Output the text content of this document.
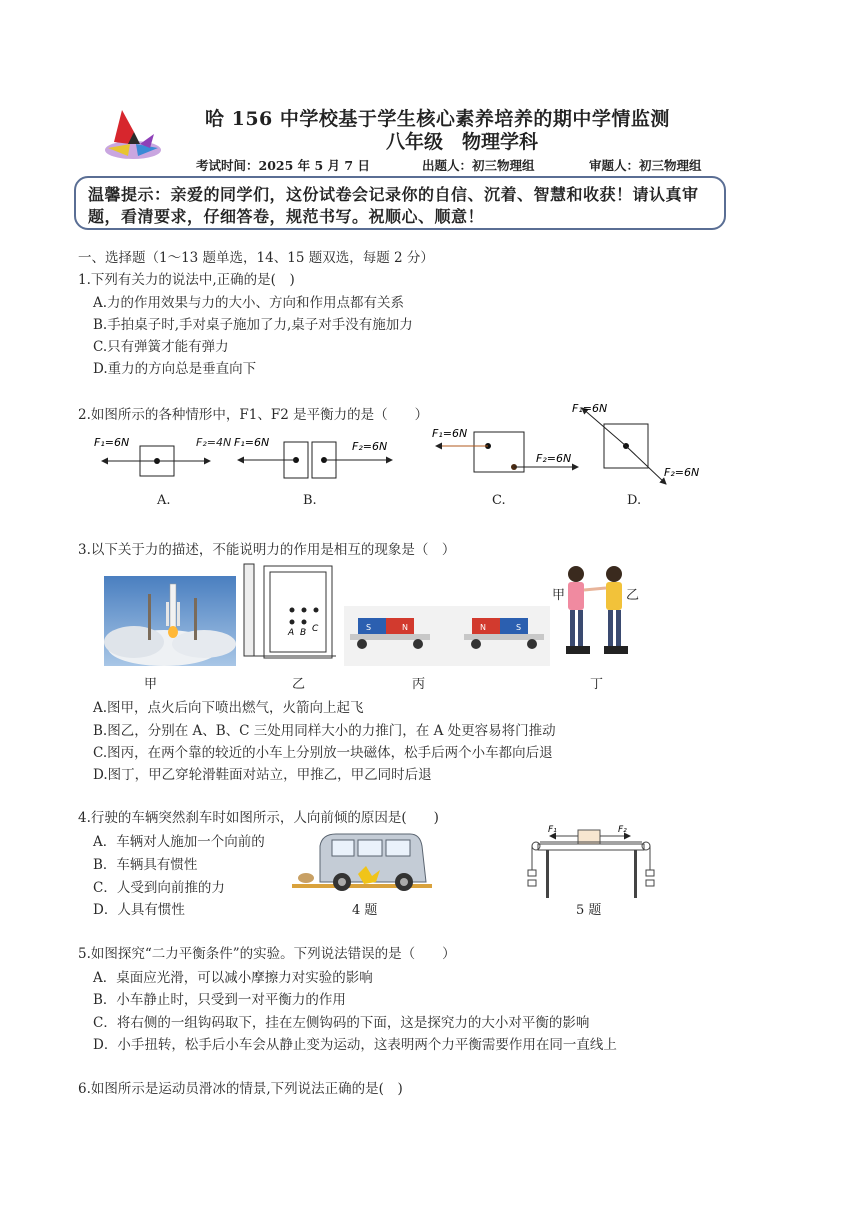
哈 156 中学校基于学生核心素养培养的期中学情监测
八年级　物理学科
考试时间：2025 年 5 月 7 日	出题人：初三物理组	审题人：初三物理组
温馨提示：亲爱的同学们，这份试卷会记录你的自信、沉着、智慧和收获！请认真审题，看清要求，仔细答卷，规范书写。祝顺心、顺意！
一、选择题（1～13 题单选，14、15 题双选，每题 2 分）
1.下列有关力的说法中,正确的是(　)
A.力的作用效果与力的大小、方向和作用点都有关系
B.手拍桌子时,手对桌子施加了力,桌子对手没有施加力
C.只有弹簧才能有弹力
D.重力的方向总是垂直向下
2.如图所示的各种情形中，F1、F2 是平衡力的是（　　）
F₁=6N	F₂=4N F₁=6N	F₂=6N
F₁=6N
F₂=6N
F₁=6N
F₂=6N
A.	B.	C.	D.
3.以下关于力的描述，不能说明力的作用是相互的现象是（　）
A B C	S	N	N	S
甲	乙
甲	乙	丙	丁
A.图甲，点火后向下喷出燃气，火箭向上起飞
B.图乙，分别在 A、B、C 三处用同样大小的力推门，在 A 处更容易将门推动
C.图丙，在两个靠的较近的小车上分别放一块磁体，松手后两个小车都向后退
D.图丁，甲乙穿轮滑鞋面对站立，甲推乙，甲乙同时后退
4.行驶的车辆突然刹车时如图所示，人向前倾的原因是(　　)
A．车辆对人施加一个向前的
B．车辆具有惯性
C．人受到向前推的力
D．人具有惯性	4 题
F₁	F₂
5 题
5.如图探究“二力平衡条件”的实验。下列说法错误的是（　　）
A．桌面应光滑，可以减小摩擦力对实验的影响
B．小车静止时，只受到一对平衡力的作用
C．将右侧的一组钩码取下，挂在左侧钩码的下面，这是探究力的大小对平衡的影响
D．小手扭转，松手后小车会从静止变为运动，这表明两个力平衡需要作用在同一直线上
6.如图所示是运动员滑冰的情景,下列说法正确的是(　)
